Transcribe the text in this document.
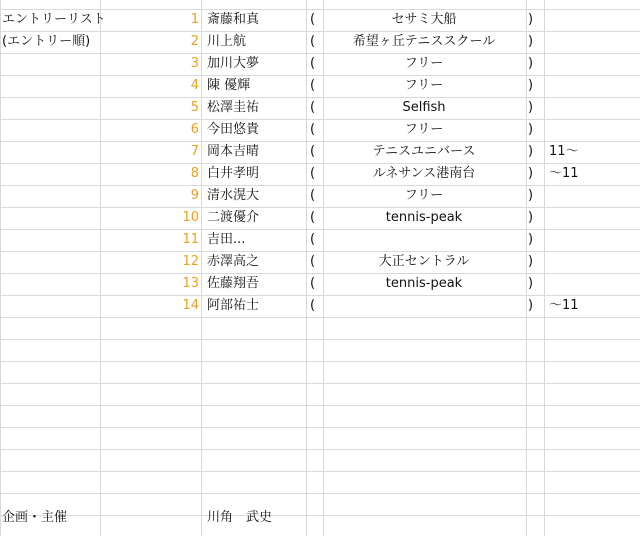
エントリーリスト	1 斎藤和真	(	セサミ大船	)
(エントリー順)	2 川上航	(	希望ヶ丘テニススクール	)
3 加川大夢	(	フリー	)
4 陳 優輝	(	フリー	)
5 松澤圭祐	(	Selfish	)
6 今田悠貴	(	フリー	)
7 岡本吉晴	(	テニスユニバース	)	11～
8 白井孝明	(	ルネサンス港南台	)	～11
9 清水滉大	(	フリー	)
10 二渡優介	(	tennis-peak	)
11 吉田...	(	)
12 赤澤高之	(	大正セントラル	)
13 佐藤翔吾	(	tennis-peak	)
14 阿部祐士	(	)	～11
企画・主催	川角　武史
